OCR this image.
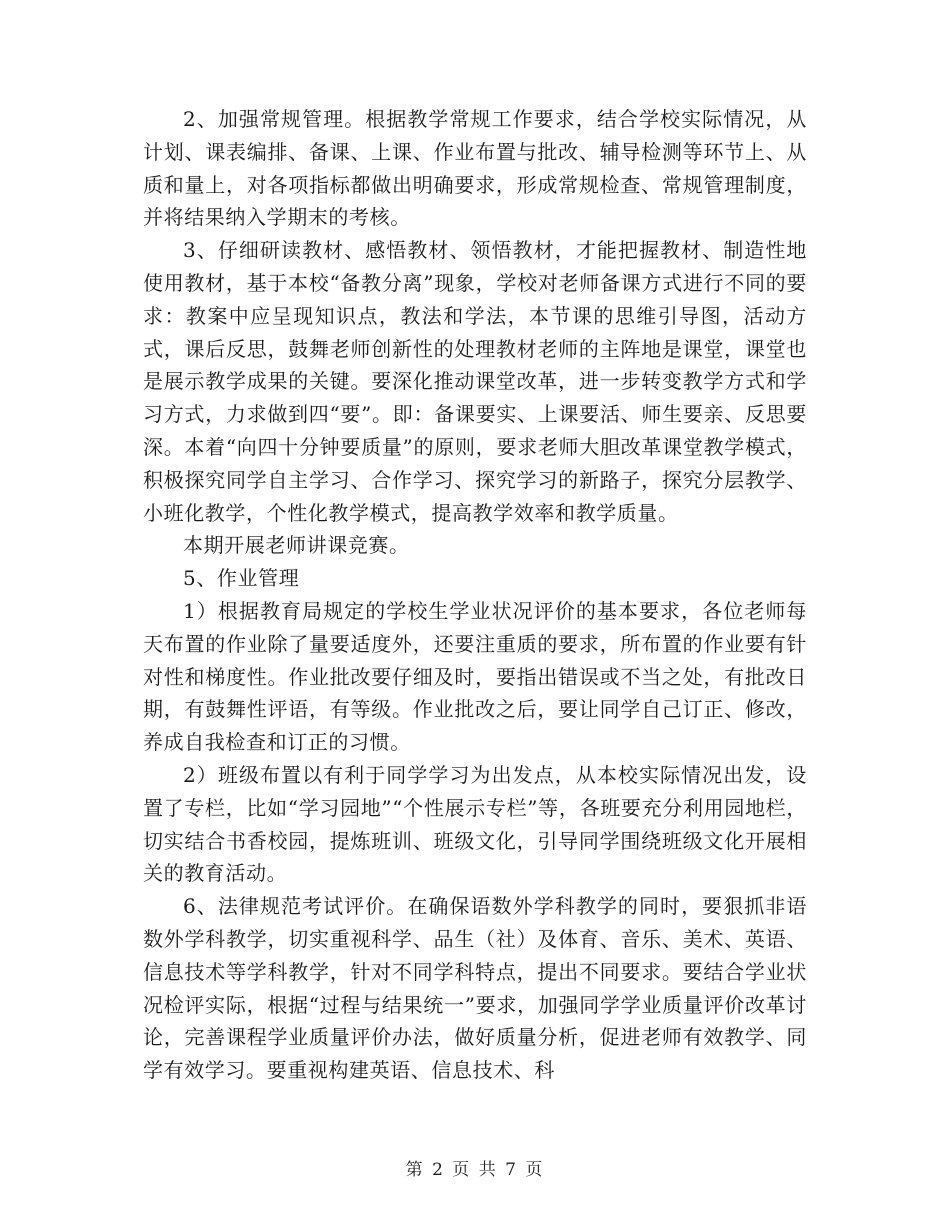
2、加强常规管理。根据教学常规工作要求，结合学校实际情况，从计划、课表编排、备课、上课、作业布置与批改、辅导检测等环节上、从质和量上，对各项指标都做出明确要求，形成常规检查、常规管理制度，并将结果纳入学期末的考核。

3、仔细研读教材、感悟教材、领悟教材，才能把握教材、制造性地使用教材，基于本校“备教分离”现象，学校对老师备课方式进行不同的要求：教案中应呈现知识点，教法和学法，本节课的思维引导图，活动方式，课后反思，鼓舞老师创新性的处理教材老师的主阵地是课堂，课堂也是展示教学成果的关键。要深化推动课堂改革，进一步转变教学方式和学习方式，力求做到四“要”。即：备课要实、上课要活、师生要亲、反思要深。本着“向四十分钟要质量”的原则，要求老师大胆改革课堂教学模式，积极探究同学自主学习、合作学习、探究学习的新路子，探究分层教学、小班化教学，个性化教学模式，提高教学效率和教学质量。

本期开展老师讲课竞赛。

5、作业管理

1）根据教育局规定的学校生学业状况评价的基本要求，各位老师每天布置的作业除了量要适度外，还要注重质的要求，所布置的作业要有针对性和梯度性。作业批改要仔细及时，要指出错误或不当之处，有批改日期，有鼓舞性评语，有等级。作业批改之后，要让同学自己订正、修改，养成自我检查和订正的习惯。

2）班级布置以有利于同学学习为出发点，从本校实际情况出发，设置了专栏，比如“学习园地”“个性展示专栏”等，各班要充分利用园地栏，切实结合书香校园，提炼班训、班级文化，引导同学围绕班级文化开展相关的教育活动。

6、法律规范考试评价。在确保语数外学科教学的同时，要狠抓非语数外学科教学，切实重视科学、品生（社）及体育、音乐、美术、英语、信息技术等学科教学，针对不同学科特点，提出不同要求。要结合学业状况检评实际，根据“过程与结果统一”要求，加强同学学业质量评价改革讨论，完善课程学业质量评价办法，做好质量分析，促进老师有效教学、同学有效学习。要重视构建英语、信息技术、科

第 2 页 共 7 页
